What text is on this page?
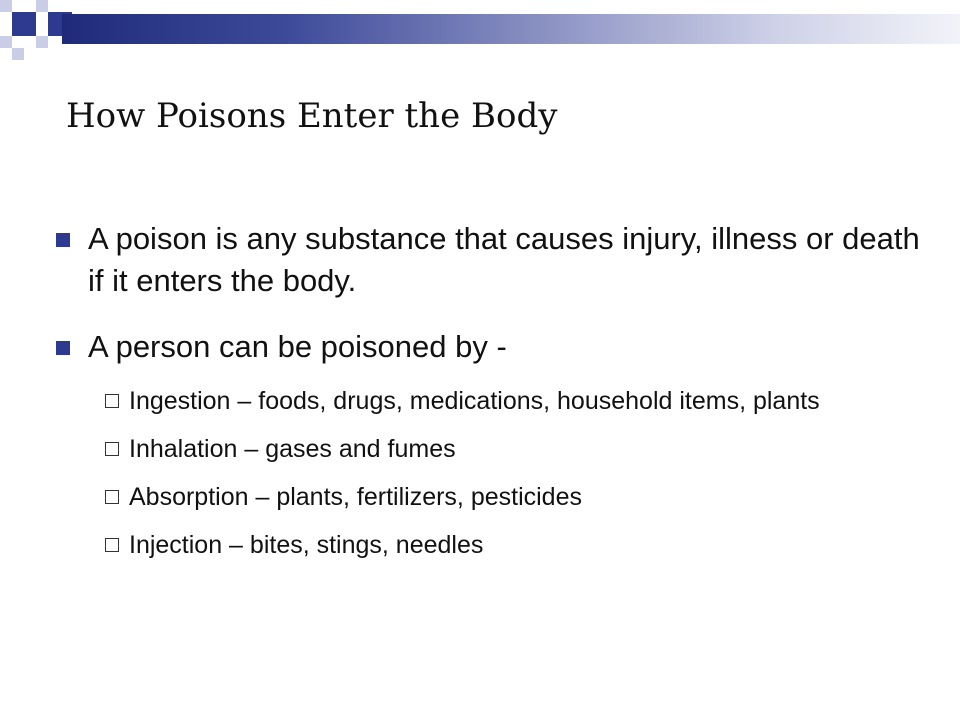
How Poisons Enter the Body
A poison is any substance that causes injury, illness or death if it enters the body.
A person can be poisoned by -
Ingestion – foods, drugs, medications, household items, plants
Inhalation – gases and fumes
Absorption – plants, fertilizers, pesticides
Injection – bites, stings, needles
